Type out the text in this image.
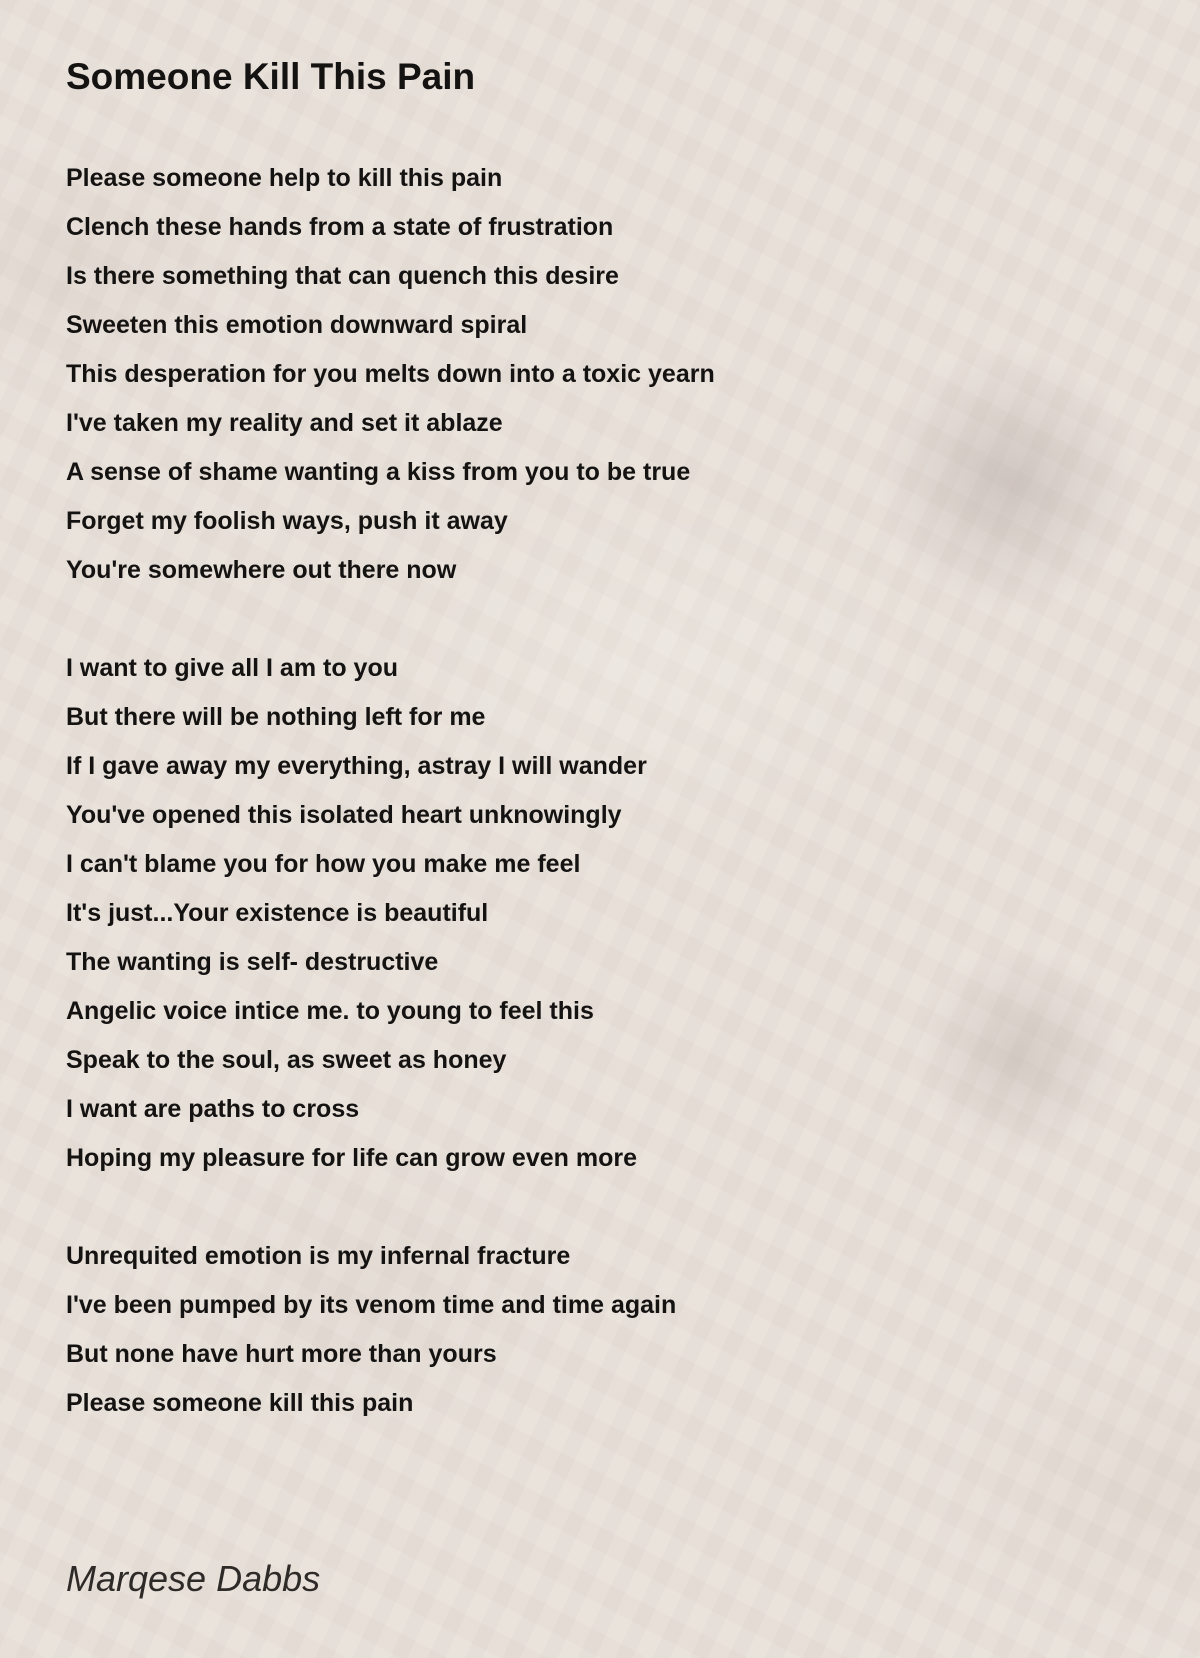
Someone Kill This Pain
Please someone help to kill this pain
Clench these hands from a state of frustration
Is there something that can quench this desire
Sweeten this emotion downward spiral
This desperation for you melts down into a toxic yearn
I've taken my reality and set it ablaze
A sense of shame wanting a kiss from you to be true
Forget my foolish ways, push it away
You're somewhere out there now
I want to give all I am to you
But there will be nothing left for me
If I gave away my everything, astray I will wander
You've opened this isolated heart unknowingly
I can't blame you for how you make me feel
It's just...Your existence is beautiful
The wanting is self- destructive
Angelic voice intice me. to young to feel this
Speak to the soul, as sweet as honey
I want are paths to cross
Hoping my pleasure for life can grow even more
Unrequited emotion is my infernal fracture
I've been pumped by its venom time and time again
But none have hurt more than yours
Please someone kill this pain
Marqese Dabbs
